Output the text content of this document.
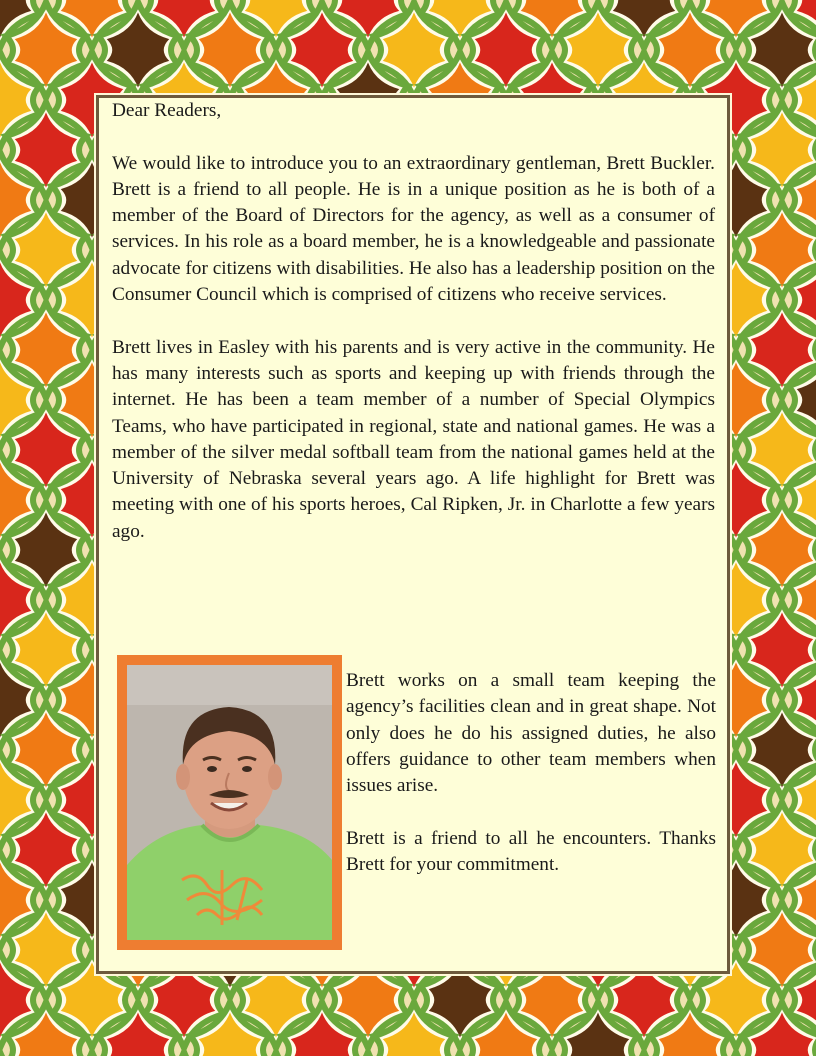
Dear Readers,

We would like to introduce you to an extraordinary gentleman, Brett Buckler. Brett is a friend to all people. He is in a unique position as he is both of a member of the Board of Directors for the agency, as well as a consumer of services. In his role as a board member, he is a knowledgeable and passionate advocate for citizens with disabilities. He also has a leadership position on the Consumer Council which is comprised of citizens who receive services.

Brett lives in Easley with his parents and is very active in the community. He has many interests such as sports and keeping up with friends through the internet. He has been a team member of a number of Special Olympics Teams, who have participated in regional, state and national games. He was a member of the silver medal softball team from the national games held at the University of Nebraska several years ago. A life highlight for Brett was meeting with one of his sports heroes, Cal Ripken, Jr. in Charlotte a few years ago.

Brett works on a small team keeping the agency’s facilities clean and in great shape. Not only does he do his assigned duties, he also offers guidance to other team members when issues arise.

Brett is a friend to all he encounters. Thanks Brett for your commitment.
